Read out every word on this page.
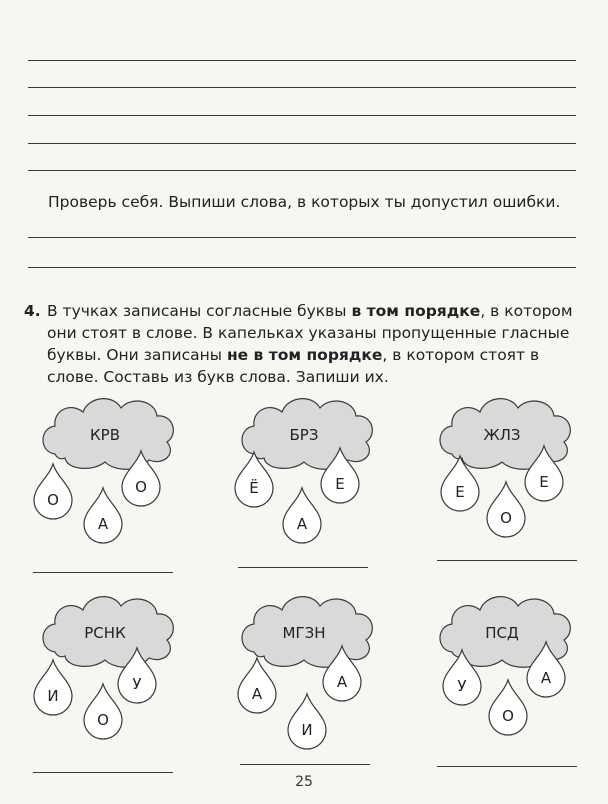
Проверь себя. Выпиши слова, в которых ты допустил ошибки.
4. В тучках записаны согласные буквы в том порядке, в котором они стоят в слове. В капельках указаны пропущенные гласные буквы. Они записаны не в том порядке, в котором стоят в слове. Составь из букв слова. Запиши их.
КРВ
О
А
О
БРЗ
Ё
А
Е
ЖЛЗ
Е
О
Е
РСНК
И
О
У
МГЗН
А
И
А
ПСД
У
О
А
25
